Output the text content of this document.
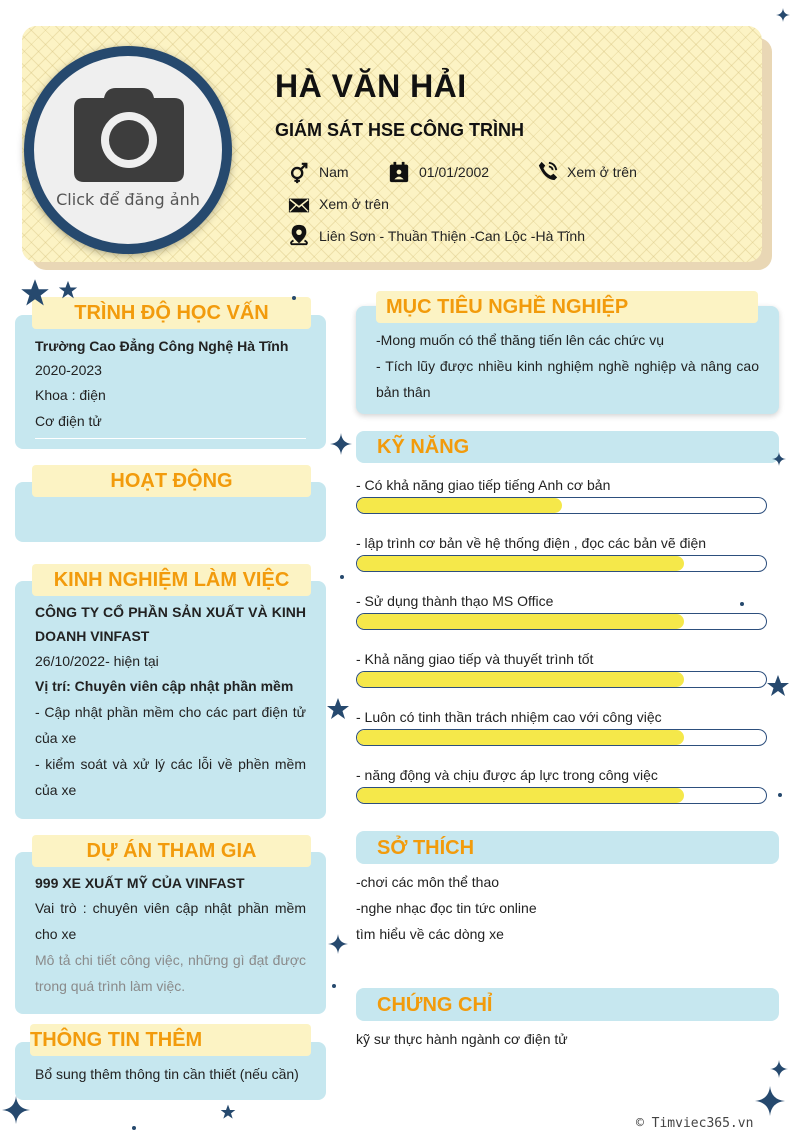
Click để đăng ảnh
HÀ VĂN HẢI
GIÁM SÁT HSE CÔNG TRÌNH
Nam	01/01/2002	Xem ở trên
Xem ở trên
Liên Sơn - Thuần Thiện -Can Lộc -Hà Tĩnh
TRÌNH ĐỘ HỌC VẤN
Trường Cao Đẳng Công Nghệ Hà Tĩnh
2020-2023
Khoa : điện
Cơ điện tử
HOẠT ĐỘNG
KINH NGHIỆM LÀM VIỆC
CÔNG TY CỔ PHẦN SẢN XUẤT VÀ KINH DOANH VINFAST
26/10/2022- hiện tại
Vị trí: Chuyên viên cập nhật phần mềm
- Cập nhật phần mềm cho các part điện tử của xe
- kiểm soát và xử lý các lỗi về phền mềm của xe
DỰ ÁN THAM GIA
999 XE XUẤT MỸ CỦA VINFAST
Vai trò : chuyên viên cập nhật phần mềm cho xe
Mô tả chi tiết công việc, những gì đạt được trong quá trình làm việc.
THÔNG TIN THÊM
Bổ sung thêm thông tin cần thiết (nếu cần)
MỤC TIÊU NGHỀ NGHIỆP
-Mong muốn có thể thăng tiến lên các chức vụ
- Tích lũy được nhiều kinh nghiệm nghề nghiệp và nâng cao bản thân
KỸ NĂNG
- Có khả năng giao tiếp tiếng Anh cơ bản
- lập trình cơ bản về hệ thống điện , đọc các bản vẽ điện
- Sử dụng thành thạo MS Office
- Khả năng giao tiếp và thuyết trình tốt
- Luôn có tinh thần trách nhiệm cao với công việc
- năng động và chịu được áp lực trong công việc
SỞ THÍCH
-chơi các môn thể thao
-nghe nhạc đọc tin tức online
tìm hiểu về các dòng xe
CHỨNG CHỈ
kỹ sư thực hành ngành cơ điện tử
© Timviec365.vn
